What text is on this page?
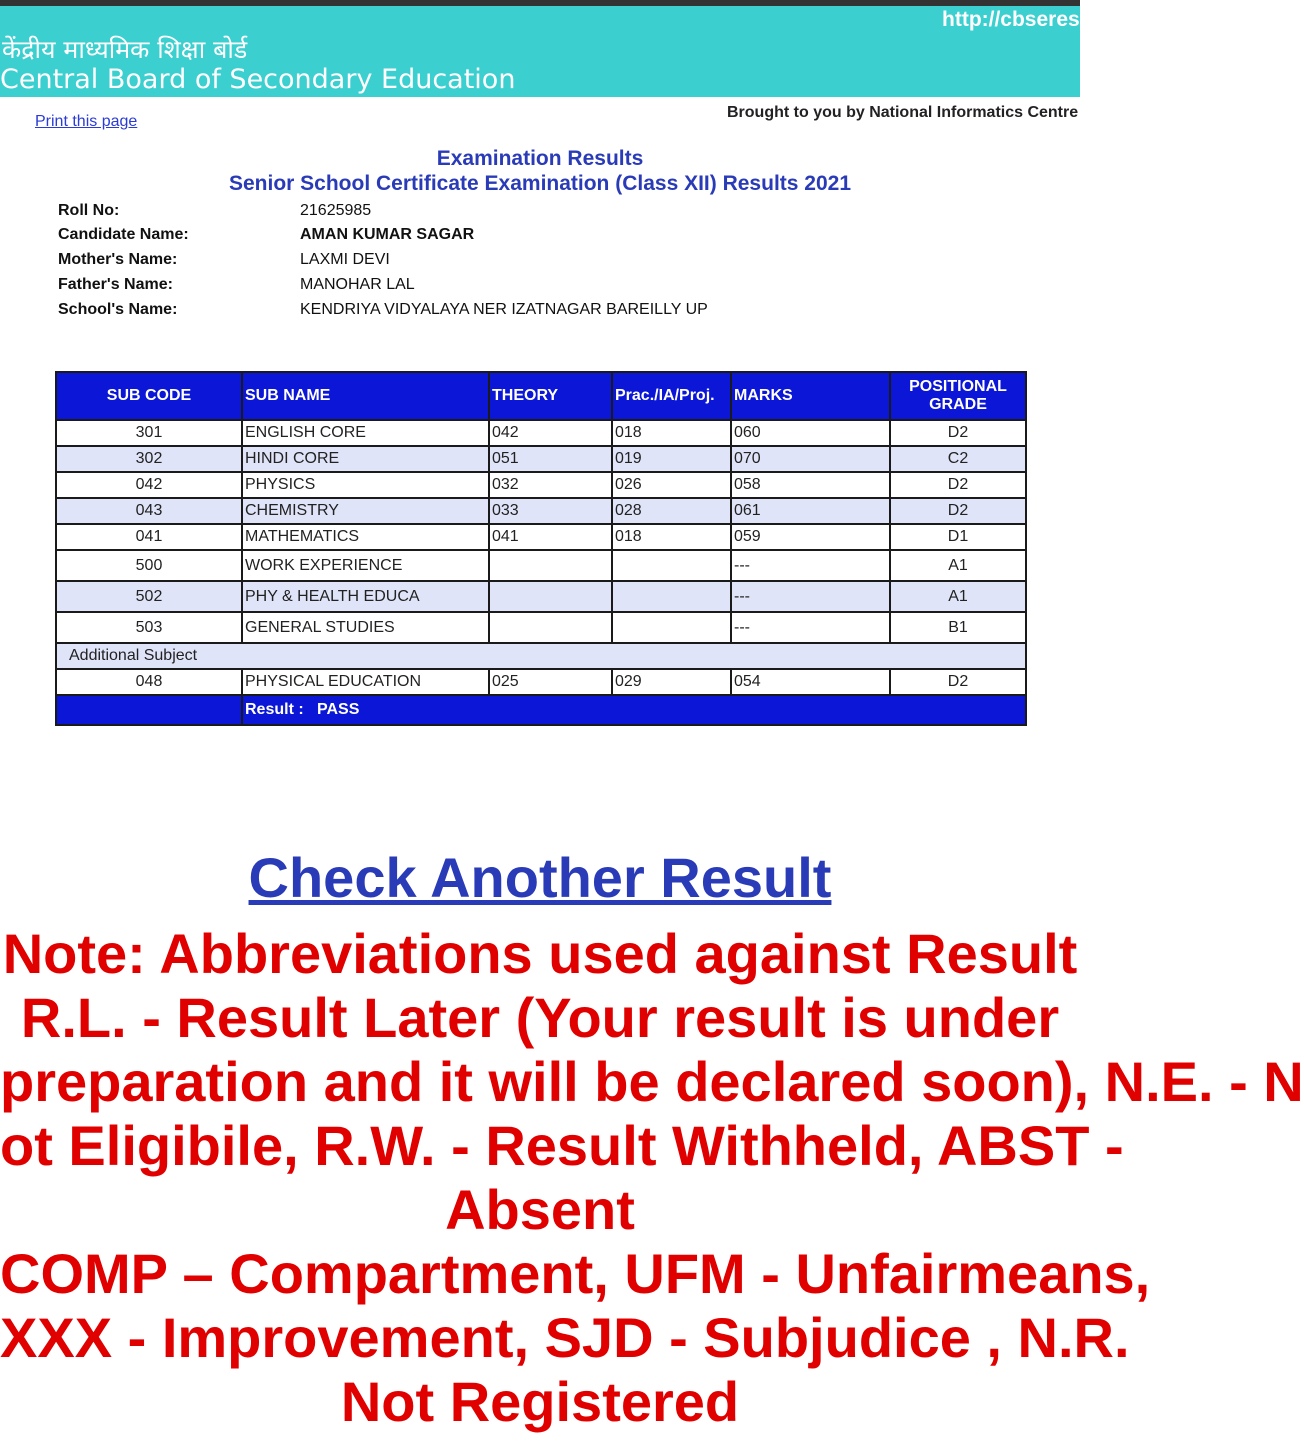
http://cbseresu
केंद्रीय माध्यमिक शिक्षा बोर्ड
Central Board of Secondary Education
Print this page
Brought to you by National Informatics Centre
Examination Results
Senior School Certificate Examination (Class XII) Results 2021
Roll No:	21625985
Candidate Name:	AMAN KUMAR SAGAR
Mother's Name:	LAXMI DEVI
Father's Name:	MANOHAR LAL
School's Name:	KENDRIYA VIDYALAYA NER IZATNAGAR BAREILLY UP
SUB CODE	SUB NAME	THEORY	Prac./IA/Proj.	MARKS	POSITIONAL
GRADE

301	ENGLISH CORE	042	018	060	D2
302	HINDI CORE	051	019	070	C2
042	PHYSICS	032	026	058	D2
043	CHEMISTRY	033	028	061	D2
041	MATHEMATICS	041	018	059	D1
500	WORK EXPERIENCE			---	A1
502	PHY & HEALTH EDUCA			---	A1
503	GENERAL STUDIES			---	B1
Additional Subject					
048	PHYSICAL EDUCATION	025	029	054	D2
	Result : PASS				
Check Another Result
Note: Abbreviations used against Result
R.L. - Result Later (Your result is under
preparation and it will be declared soon), N.E. - N
ot Eligibile, R.W. - Result Withheld, ABST -
Absent
COMP – Compartment, UFM - Unfairmeans,
XXX - Improvement, SJD - Subjudice , N.R.
Not Registered
